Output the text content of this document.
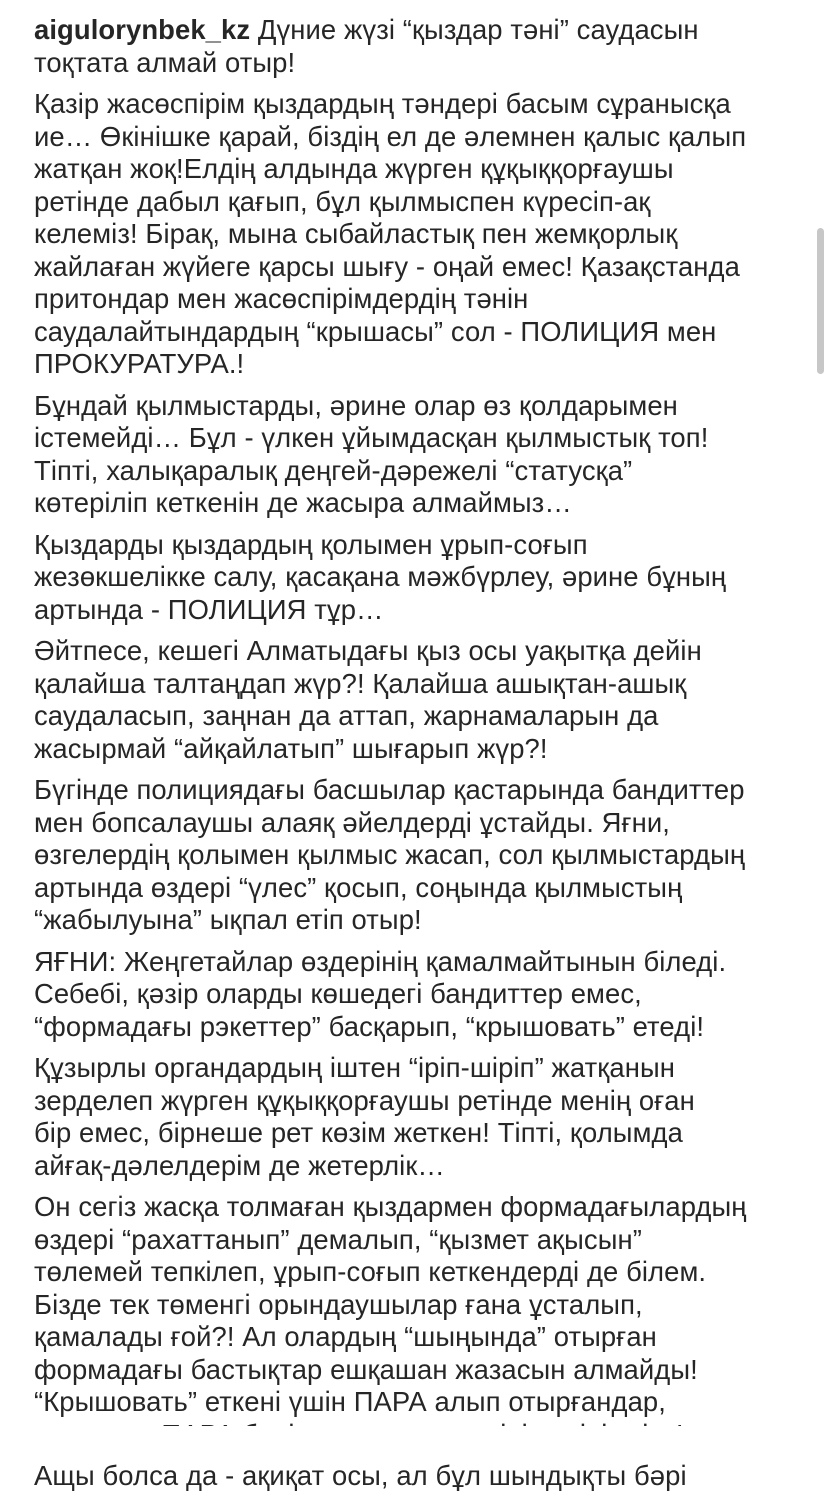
aigulorynbek_kz Дүние жүзі “қыздар тәні” саудасын
тоқтата алмай отыр!

Қазір жасөспірім қыздардың тәндері басым сұранысқа
ие… Өкінішке қарай, біздің ел де әлемнен қалыс қалып
жатқан жоқ!Елдің алдында жүрген құқыққорғаушы
ретінде дабыл қағып, бұл қылмыспен күресіп-ақ
келеміз! Бірақ, мына сыбайластық пен жемқорлық
жайлаған жүйеге қарсы шығу - оңай емес! Қазақстанда
притондар мен жасөспірімдердің тәнін
саудалайтындардың “крышасы” сол - ПОЛИЦИЯ мен
ПРОКУРАТУРА.!

Бұндай қылмыстарды, әрине олар өз қолдарымен
істемейді… Бұл - үлкен ұйымдасқан қылмыстық топ!
Тіпті, халықаралық деңгей-дәрежелі “статусқа”
көтеріліп кеткенін де жасыра алмаймыз…

Қыздарды қыздардың қолымен ұрып-соғып
жезөкшелікке салу, қасақана мәжбүрлеу, әрине бұның
артында - ПОЛИЦИЯ тұр…

Әйтпесе, кешегі Алматыдағы қыз осы уақытқа дейін
қалайша талтаңдап жүр?! Қалайша ашықтан-ашық
саудаласып, заңнан да аттап, жарнамаларын да
жасырмай “айқайлатып” шығарып жүр?!

Бүгінде полициядағы басшылар қастарында бандиттер
мен бопсалаушы алаяқ әйелдерді ұстайды. Яғни,
өзгелердің қолымен қылмыс жасап, сол қылмыстардың
артында өздері “үлес” қосып, соңында қылмыстың
“жабылуына” ықпал етіп отыр!

ЯҒНИ: Жеңгетайлар өздерінің қамалмайтынын біледі.
Себебі, қәзір оларды көшедегі бандиттер емес,
“формадағы рэкеттер” басқарып, “крышовать” етеді!

Құзырлы органдардың іштен “іріп-шіріп” жатқанын
зерделеп жүрген құқыққорғаушы ретінде менің оған
бір емес, бірнеше рет көзім жеткен! Тіпті, қолымда
айғақ-дәлелдерім де жетерлік…

Он сегіз жасқа толмаған қыздармен формадағылардың
өздері “рахаттанып” демалып, “қызмет ақысын”
төлемей тепкілеп, ұрып-соғып кеткендерді де білем.
Бізде тек төменгі орындаушылар ғана ұсталып,
қамалады ғой?! Ал олардың “шыңында” отырған
формадағы бастықтар ешқашан жазасын алмайды!
“Крышовать” еткені үшін ПАРА алып отырғандар,

Ащы болса да - ақиқат осы, ал бұл шындықты бәрі
